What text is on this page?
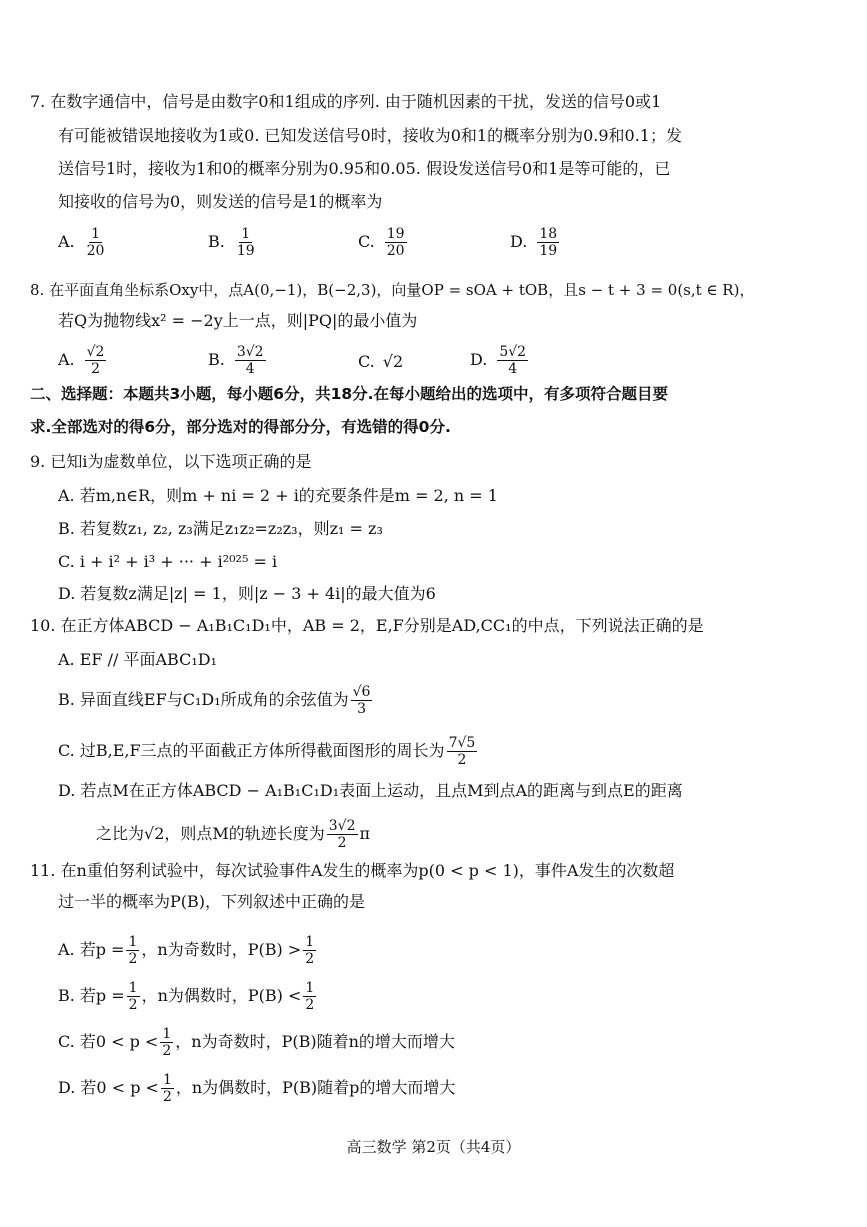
7. 在数字通信中，信号是由数字0和1组成的序列. 由于随机因素的干扰，发送的信号0或1
有可能被错误地接收为1或0. 已知发送信号0时，接收为0和1的概率分别为0.9和0.1；发
送信号1时，接收为1和0的概率分别为0.95和0.05. 假设发送信号0和1是等可能的，已
知接收的信号为0，则发送的信号是1的概率为
A. $\frac{1}{20}$	B. $\frac{1}{19}$	C. $\frac{19}{20}$	D. $\frac{18}{19}$
8. 在平面直角坐标系Oxy中，点A(0,−1)，B(−2,3)，向量OP = sOA + tOB，且s − t + 3 = 0(s,t ∈ R)，
若Q为抛物线x² = −2y上一点，则|PQ|的最小值为
A. $\frac{√2}{2}$	B. $\frac{3√2}{4}$	C. √2	D. $\frac{5√2}{4}$
二、选择题：本题共3小题，每小题6分，共18分.在每小题给出的选项中，有多项符合题目要
求.全部选对的得6分，部分选对的得部分分，有选错的得0分.
9. 已知i为虚数单位，以下选项正确的是
A. 若m,n∈R，则m + ni = 2 + i的充要条件是m = 2, n = 1
B. 若复数z₁, z₂, z₃满足z₁z₂=z₂z₃，则z₁ = z₃
C. i + i² + i³ + ··· + i²⁰²⁵ = i
D. 若复数z满足|z| = 1，则|z − 3 + 4i|的最大值为6
10. 在正方体ABCD − A₁B₁C₁D₁中，AB = 2，E,F分别是AD,CC₁的中点，下列说法正确的是
A. EF // 平面ABC₁D₁
B. 异面直线EF与C₁D₁所成角的余弦值为 $\frac{√6}{3}$
C. 过B,E,F三点的平面截正方体所得截面图形的周长为 $\frac{7√5}{2}$
D. 若点M在正方体ABCD − A₁B₁C₁D₁表面上运动，且点M到点A的距离与到点E的距离
之比为√2，则点M的轨迹长度为 $\frac{3√2}{2}$ π
11. 在n重伯努利试验中，每次试验事件A发生的概率为p(0 < p < 1)，事件A发生的次数超
过一半的概率为P(B)，下列叙述中正确的是
A. 若$p = \frac{1}{2}$ ，n为奇数时，$P(B) > \frac{1}{2}$
B. 若$p = \frac{1}{2}$ ，n为偶数时，$P(B) < \frac{1}{2}$
C. 若$0 < p < \frac{1}{2}$ ，n为奇数时，P(B)随着n的增大而增大
D. 若$0 < p < \frac{1}{2}$ ，n为偶数时，P(B)随着p的增大而增大
高三数学 第2页（共4页）
